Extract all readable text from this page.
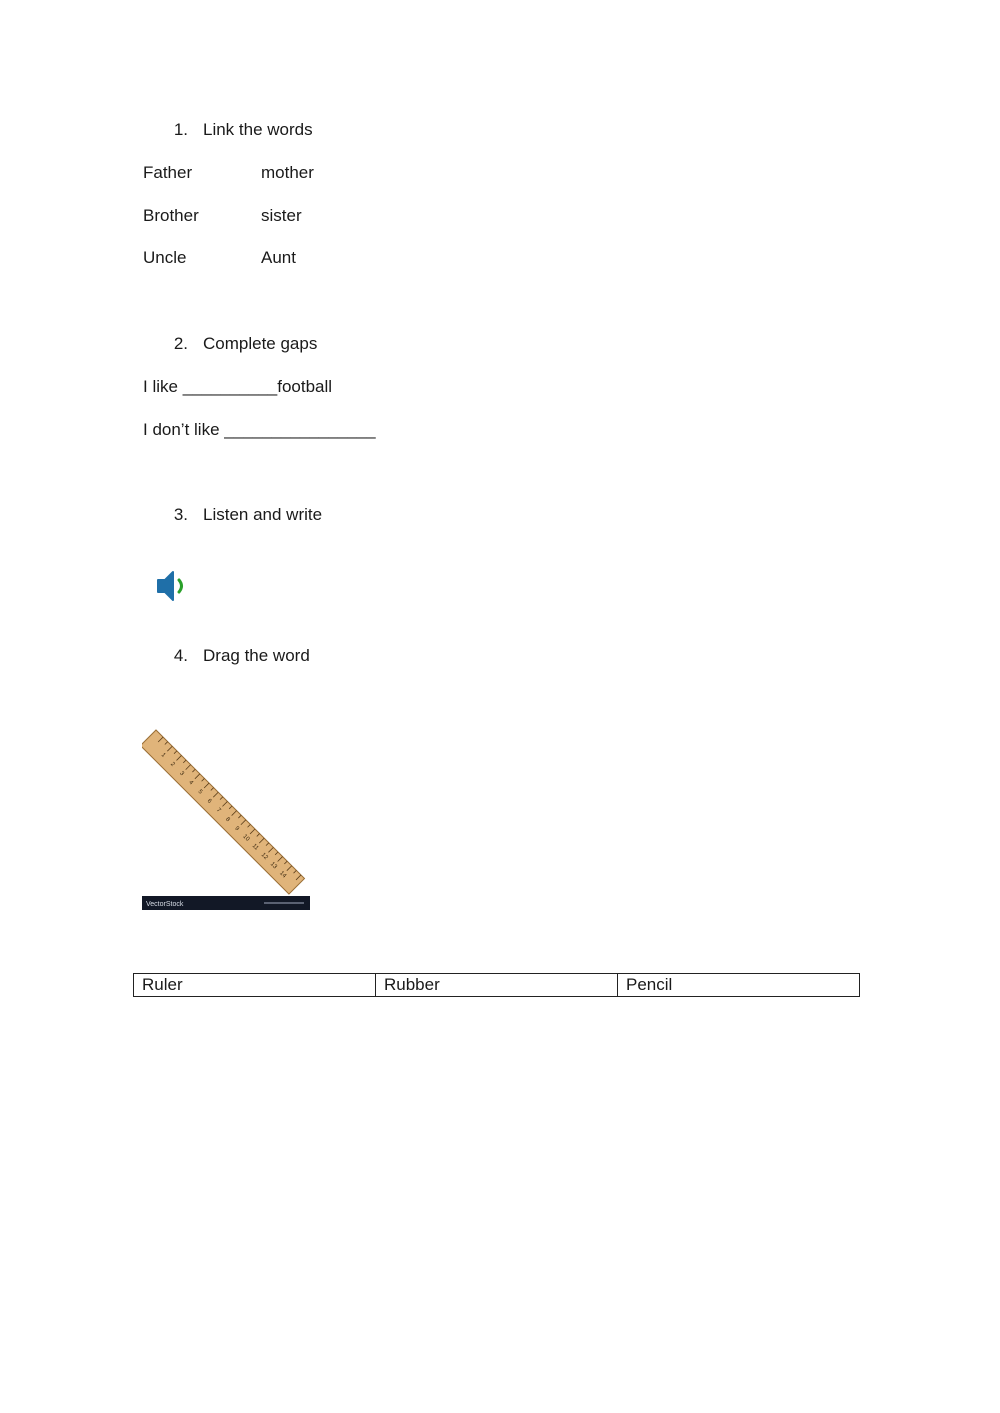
1. Link the words
Father	mother
Brother	sister
Uncle	Aunt
2. Complete gaps
I like __________football
I don’t like ________________
3. Listen and write
4. Drag the word
1
2
3
4
5
6
7
8
9
10
11
12
13
14
VectorStock
Ruler	Rubber	Pencil
